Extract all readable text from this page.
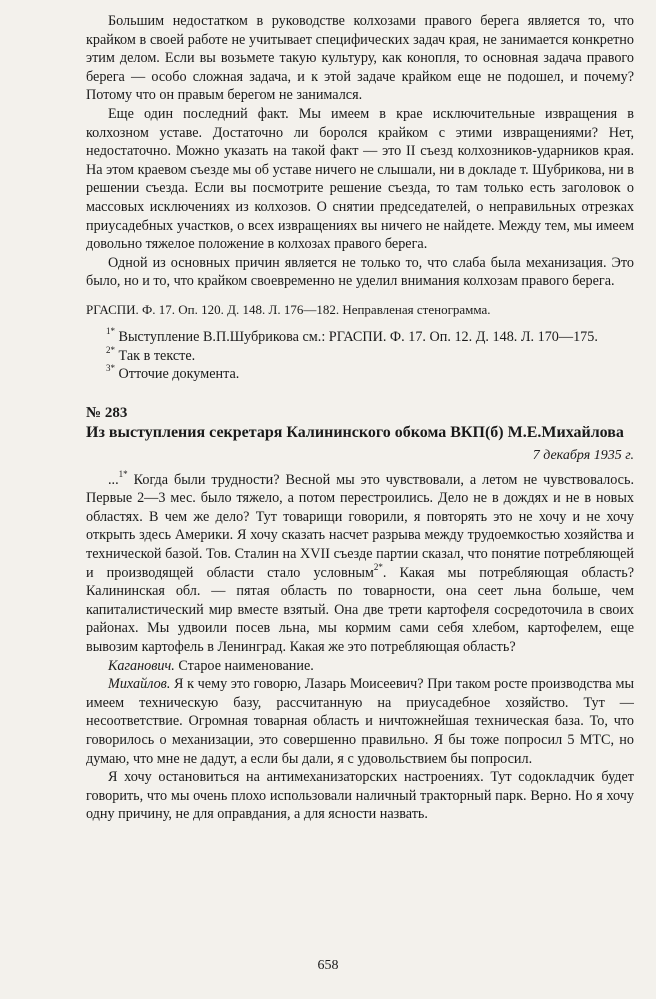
Большим недостатком в руководстве колхозами правого берега является то, что крайком в своей работе не учитывает специфических задач края, не занимается конкретно этим делом. Если вы возьмете такую культуру, как конопля, то основная задача правого берега — особо сложная задача, и к этой задаче крайком еще не подошел, и почему? Потому что он правым берегом не занимался.

Еще один последний факт. Мы имеем в крае исключительные извращения в колхозном уставе. Достаточно ли боролся крайком с этими извращениями? Нет, недостаточно. Можно указать на такой факт — это II съезд колхозников-ударников края. На этом краевом съезде мы об уставе ничего не слышали, ни в докладе т. Шубрикова, ни в решении съезда. Если вы посмотрите решение съезда, то там только есть заголовок о массовых исключениях из колхозов. О снятии председателей, о неправильных отрезках приусадебных участков, о всех извращениях вы ничего не найдете. Между тем, мы имеем довольно тяжелое положение в колхозах правого берега.

Одной из основных причин является не только то, что слаба была механизация. Это было, но и то, что крайком своевременно не уделил внимания колхозам правого берега.

РГАСПИ. Ф. 17. Оп. 120. Д. 148. Л. 176—182. Неправленая стенограмма.

$^{1*}$ Выступление В.П.Шубрикова см.: РГАСПИ. Ф. 17. Оп. 12. Д. 148. Л. 170—175.

$^{2*}$ Так в тексте.

$^{3*}$ Отточие документа.

№ 283
Из выступления секретаря Калининского обкома ВКП(б) М.Е.Михайлова
7 декабря 1935 г.

...$^{1*}$ Когда были трудности? Весной мы это чувствовали, а летом не чувствовалось. Первые 2—3 мес. было тяжело, а потом перестроились. Дело не в дождях и не в новых областях. В чем же дело? Тут товарищи говорили, я повторять это не хочу и не хочу открыть здесь Америки. Я хочу сказать насчет разрыва между трудоемкостью хозяйства и технической базой. Тов. Сталин на XVII съезде партии сказал, что понятие потребляющей и производящей области стало условным$^{2*}$. Какая мы потребляющая область? Калининская обл. — пятая область по товарности, она сеет льна больше, чем капиталистический мир вместе взятый. Она две трети картофеля сосредоточила в своих районах. Мы удвоили посев льна, мы кормим сами себя хлебом, картофелем, еще вывозим картофель в Ленинград. Какая же это потребляющая область?

Каганович. Старое наименование.

Михайлов. Я к чему это говорю, Лазарь Моисеевич? При таком росте производства мы имеем техническую базу, рассчитанную на приусадебное хозяйство. Тут — несоответствие. Огромная товарная область и ничтожнейшая техническая база. То, что говорилось о механизации, это совершенно правильно. Я бы тоже попросил 5 МТС, но думаю, что мне не дадут, а если бы дали, я с удовольствием бы попросил.

Я хочу остановиться на антимеханизаторских настроениях. Тут содокладчик будет говорить, что мы очень плохо использовали наличный тракторный парк. Верно. Но я хочу одну причину, не для оправдания, а для ясности назвать.

658
